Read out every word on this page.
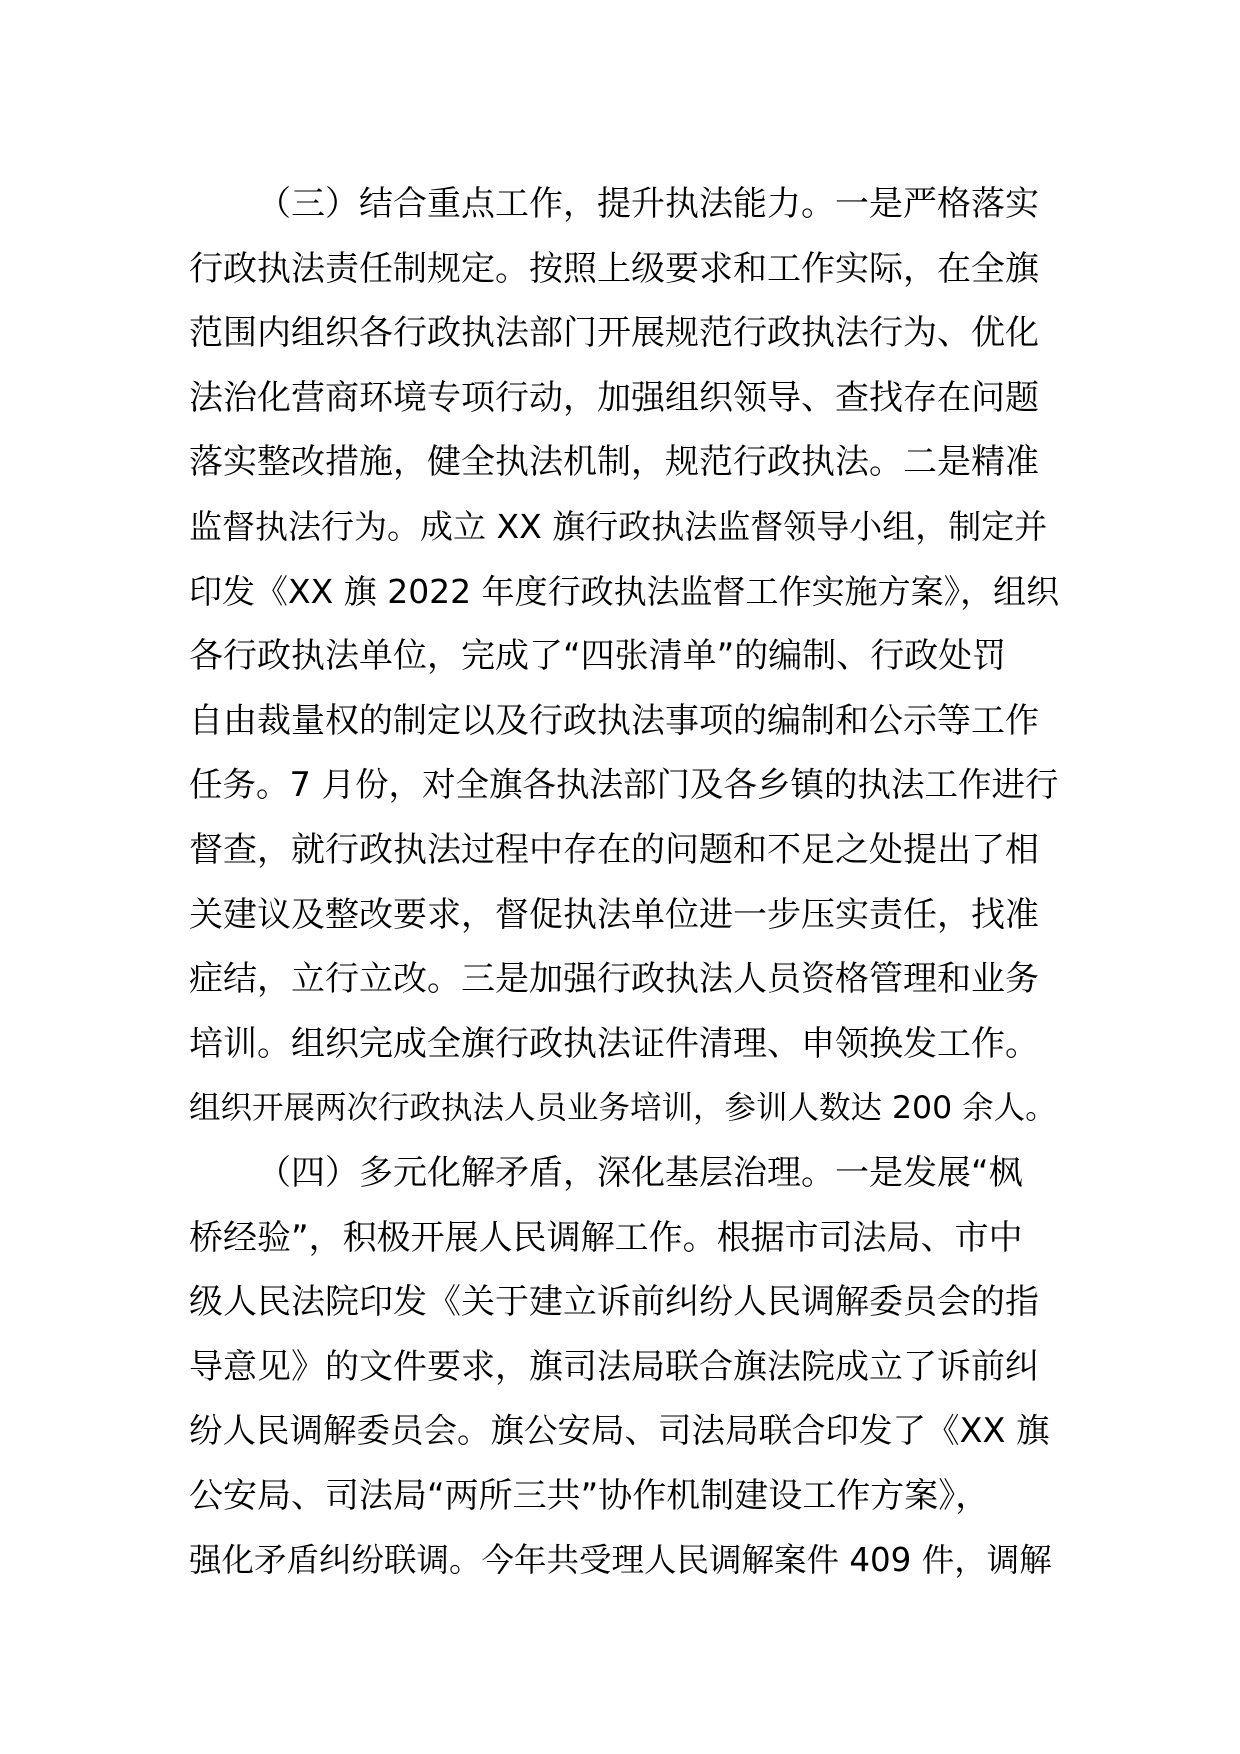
（三）结合重点工作，提升执法能力。一是严格落实
行政执法责任制规定。按照上级要求和工作实际，在全旗
范围内组织各行政执法部门开展规范行政执法行为、优化
法治化营商环境专项行动，加强组织领导、查找存在问题
落实整改措施，健全执法机制，规范行政执法。二是精准
监督执法行为。成立 XX 旗行政执法监督领导小组，制定并
印发《XX 旗 2022 年度行政执法监督工作实施方案》，组织
各行政执法单位，完成了“四张清单”的编制、行政处罚
自由裁量权的制定以及行政执法事项的编制和公示等工作
任务。7 月份，对全旗各执法部门及各乡镇的执法工作进行
督查，就行政执法过程中存在的问题和不足之处提出了相
关建议及整改要求，督促执法单位进一步压实责任，找准
症结，立行立改。三是加强行政执法人员资格管理和业务
培训。组织完成全旗行政执法证件清理、申领换发工作。
组织开展两次行政执法人员业务培训，参训人数达 200 余人。
（四）多元化解矛盾，深化基层治理。一是发展“枫
桥经验”，积极开展人民调解工作。根据市司法局、市中
级人民法院印发《关于建立诉前纠纷人民调解委员会的指
导意见》的文件要求，旗司法局联合旗法院成立了诉前纠
纷人民调解委员会。旗公安局、司法局联合印发了《XX 旗
公安局、司法局“两所三共”协作机制建设工作方案》，
强化矛盾纠纷联调。今年共受理人民调解案件 409 件，调解
